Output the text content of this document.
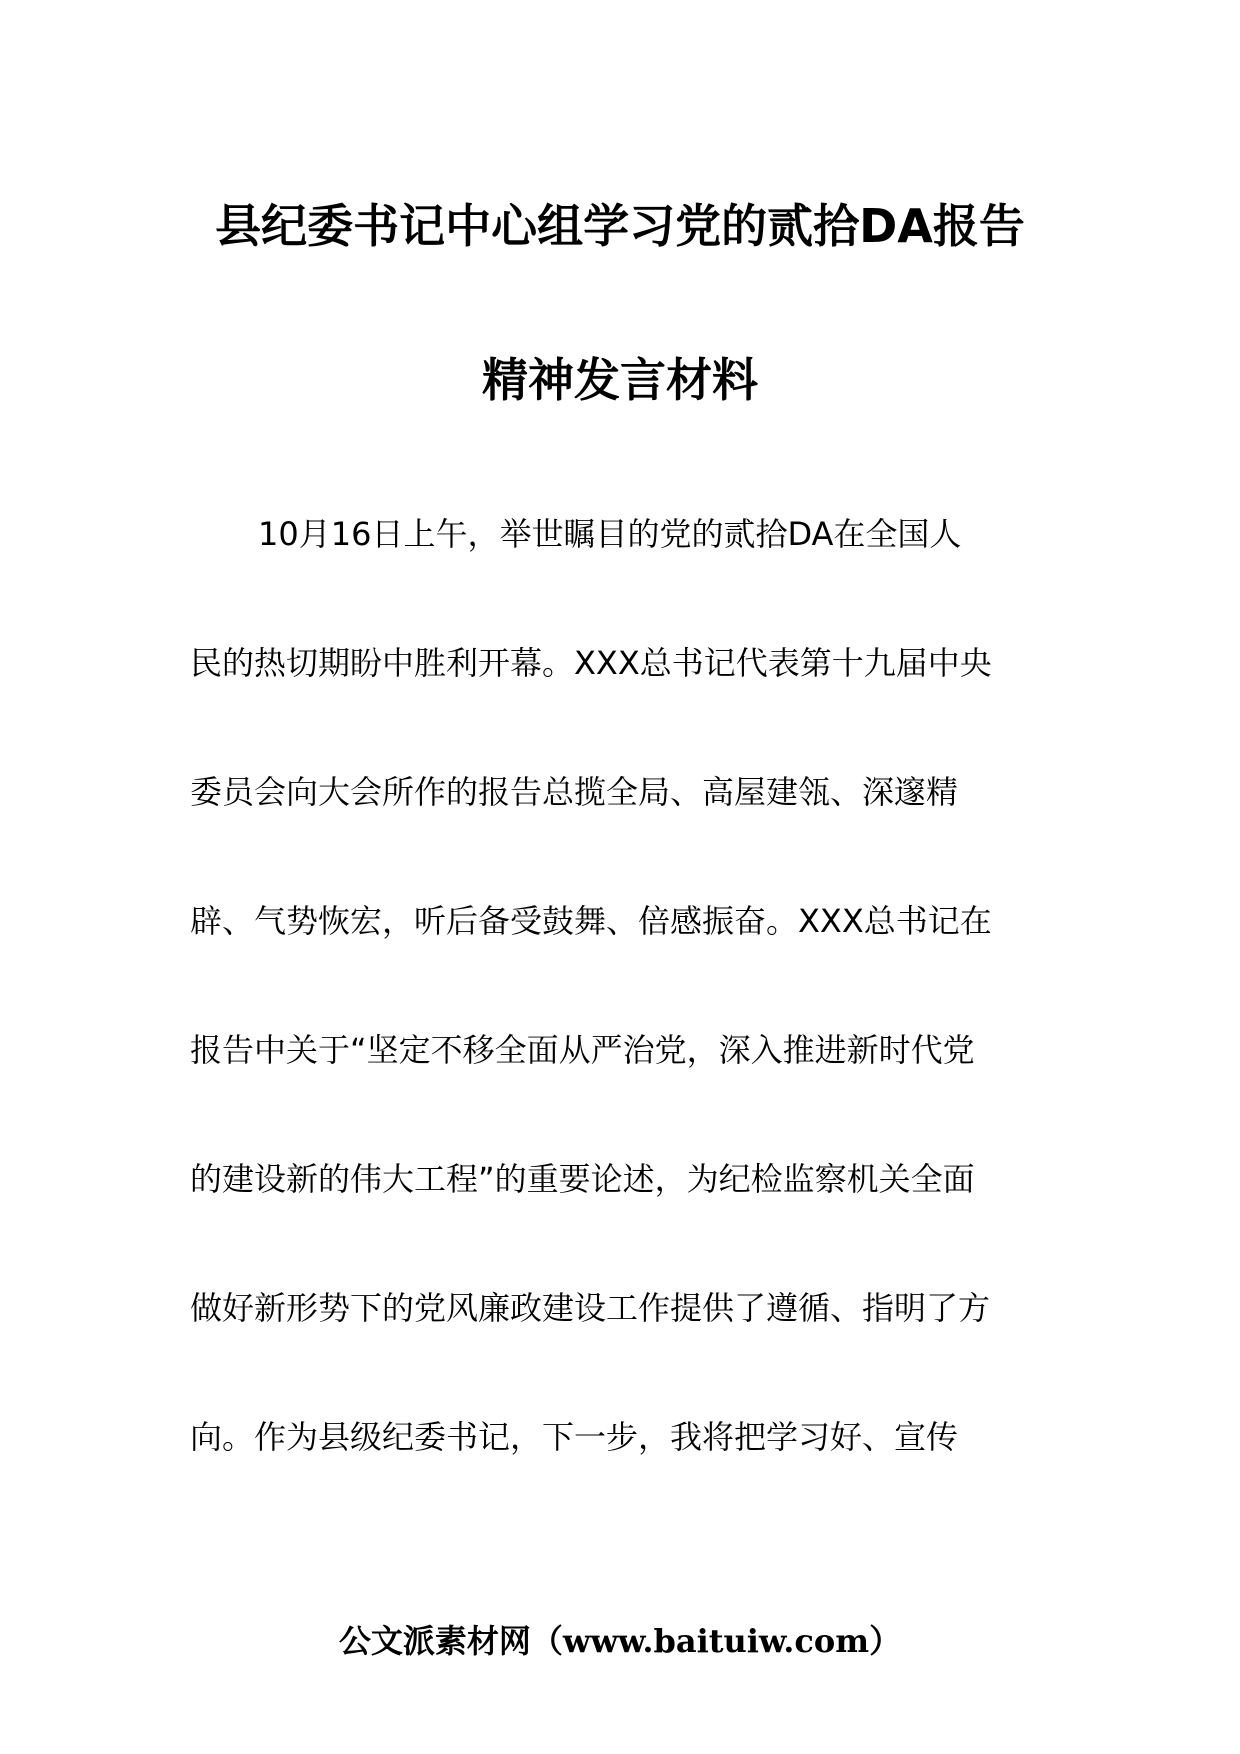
县纪委书记中心组学习党的贰拾DA报告
精神发言材料
10月16日上午，举世瞩目的党的贰拾DA在全国人
民的热切期盼中胜利开幕。XXX总书记代表第十九届中央
委员会向大会所作的报告总揽全局、高屋建瓴、深邃精
辟、气势恢宏，听后备受鼓舞、倍感振奋。XXX总书记在
报告中关于“坚定不移全面从严治党，深入推进新时代党
的建设新的伟大工程”的重要论述，为纪检监察机关全面
做好新形势下的党风廉政建设工作提供了遵循、指明了方
向。作为县级纪委书记，下一步，我将把学习好、宣传
公文派素材网（www.baituiw.com）
